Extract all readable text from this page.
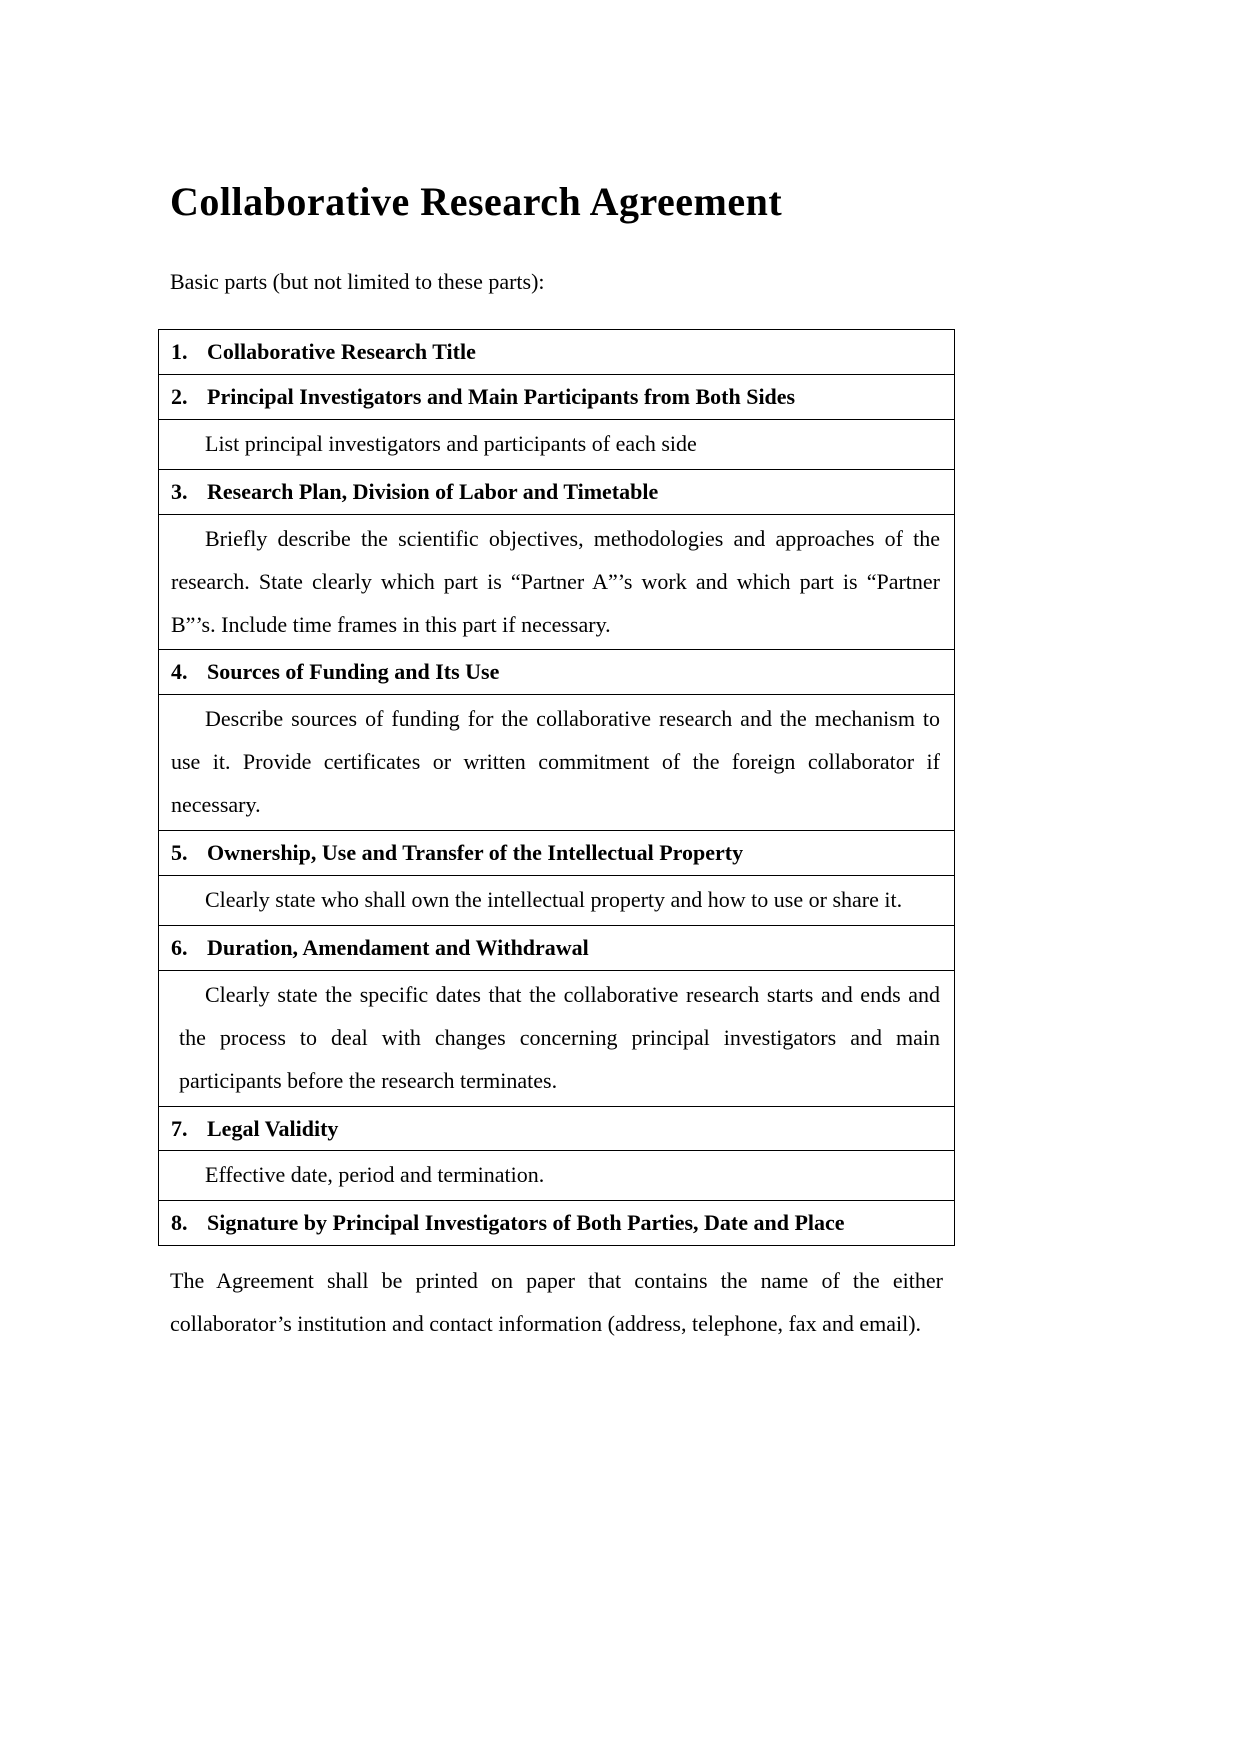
Collaborative Research Agreement

Basic parts (but not limited to these parts):

1. Collaborative Research Title
2. Principal Investigators and Main Participants from Both Sides

List principal investigators and participants of each side

3. Research Plan, Division of Labor and Timetable

Briefly describe the scientific objectives, methodologies and approaches of the research. State clearly which part is “Partner A”’s work and which part is “Partner B”’s. Include time frames in this part if necessary.

4. Sources of Funding and Its Use

Describe sources of funding for the collaborative research and the mechanism to use it. Provide certificates or written commitment of the foreign collaborator if necessary.

5. Ownership, Use and Transfer of the Intellectual Property

Clearly state who shall own the intellectual property and how to use or share it.

6. Duration, Amendament and Withdrawal

Clearly state the specific dates that the collaborative research starts and ends and the process to deal with changes concerning principal investigators and main participants before the research terminates.

7. Legal Validity

Effective date, period and termination.

8. Signature by Principal Investigators of Both Parties, Date and Place

The Agreement shall be printed on paper that contains the name of the either collaborator’s institution and contact information (address, telephone, fax and email).
